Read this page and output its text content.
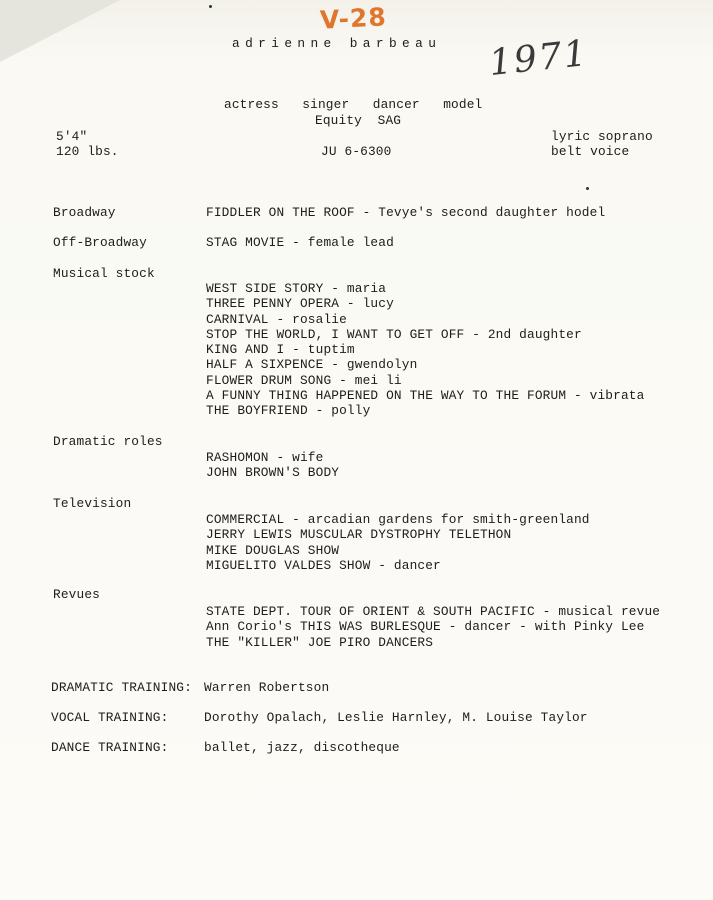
V-28
1971
adrienne barbeau
actress   singer   dancer   model
Equity  SAG
5'4"
120 lbs.	JU 6-6300
lyric soprano
belt voice
Broadway	FIDDLER ON THE ROOF - Tevye's second daughter hodel
Off-Broadway	STAG MOVIE - female lead
Musical stock
WEST SIDE STORY - maria
THREE PENNY OPERA - lucy
CARNIVAL - rosalie
STOP THE WORLD, I WANT TO GET OFF - 2nd daughter
KING AND I - tuptim
HALF A SIXPENCE - gwendolyn
FLOWER DRUM SONG - mei li
A FUNNY THING HAPPENED ON THE WAY TO THE FORUM - vibrata
THE BOYFRIEND - polly
Dramatic roles
RASHOMON - wife
JOHN BROWN'S BODY
Television
COMMERCIAL - arcadian gardens for smith-greenland
JERRY LEWIS MUSCULAR DYSTROPHY TELETHON
MIKE DOUGLAS SHOW
MIGUELITO VALDES SHOW - dancer
Revues
STATE DEPT. TOUR OF ORIENT & SOUTH PACIFIC - musical revue
Ann Corio's THIS WAS BURLESQUE - dancer - with Pinky Lee
THE "KILLER" JOE PIRO DANCERS
DRAMATIC TRAINING: Warren Robertson
VOCAL TRAINING:	Dorothy Opalach, Leslie Harnley, M. Louise Taylor
DANCE TRAINING:	ballet, jazz, discotheque
